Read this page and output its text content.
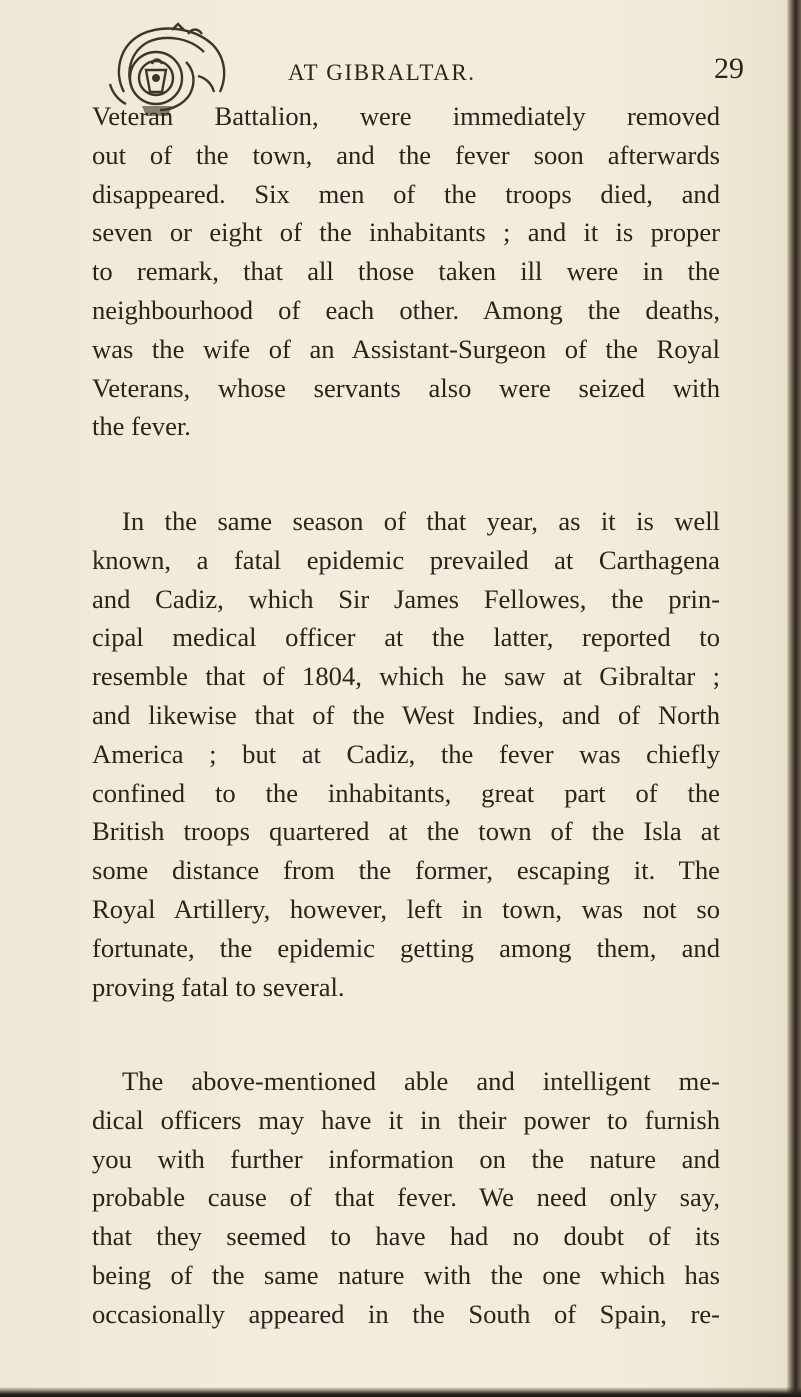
AT GIBRALTAR.	29

Veteran Battalion, were immediately removed
out of the town, and the fever soon afterwards
disappeared. Six men of the troops died, and
seven or eight of the inhabitants ; and it is proper
to remark, that all those taken ill were in the
neighbourhood of each other. Among the deaths,
was the wife of an Assistant-Surgeon of the Royal
Veterans, whose servants also were seized with
the fever.

In the same season of that year, as it is well
known, a fatal epidemic prevailed at Carthagena
and Cadiz, which Sir James Fellowes, the prin-
cipal medical officer at the latter, reported to
resemble that of 1804, which he saw at Gibraltar ;
and likewise that of the West Indies, and of North
America ; but at Cadiz, the fever was chiefly
confined to the inhabitants, great part of the
British troops quartered at the town of the Isla at
some distance from the former, escaping it. The
Royal Artillery, however, left in town, was not so
fortunate, the epidemic getting among them, and
proving fatal to several.

The above-mentioned able and intelligent me-
dical officers may have it in their power to furnish
you with further information on the nature and
probable cause of that fever. We need only say,
that they seemed to have had no doubt of its
being of the same nature with the one which has
occasionally appeared in the South of Spain, re-
